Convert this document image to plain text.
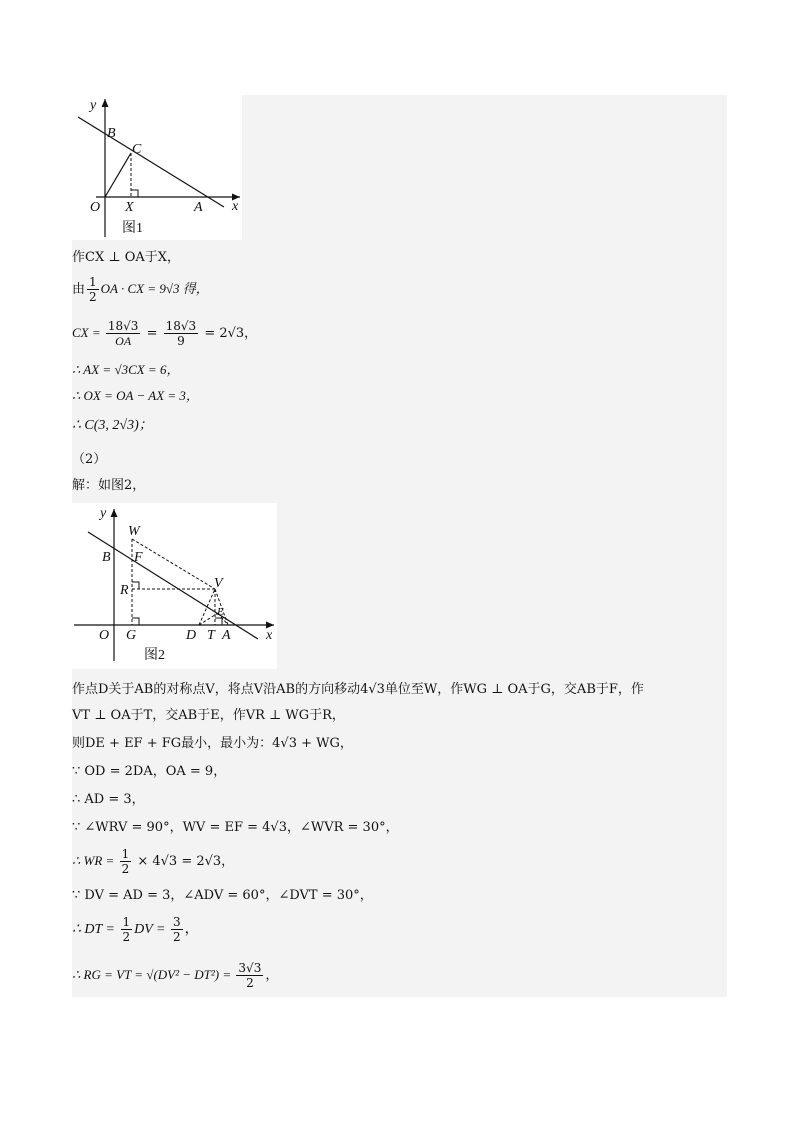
y
x
O
B
C
X	A
图1
作CX ⊥ OA于X，
由 $\frac{1}{2}$ OA · CX = 9√3 得，
CX = $\frac{18√3}{OA} = \frac{18√3}{9} = 2√3$，
∴ AX = √3CX = 6，
∴ OX = OA − AX = 3，
∴ C(3, 2√3)；
（2）
解：如图2，
y
x
O G
W
B F
R	V
E
D T A
图2
作点D关于AB的对称点V，将点V沿AB的方向移动4√3单位至W，作WG ⊥ OA于G，交AB于F，作
VT ⊥ OA于T，交AB于E，作VR ⊥ WG于R，
则DE + EF + FG最小，最小为：4√3 + WG，
∵ OD = 2DA，OA = 9，
∴ AD = 3，
∵ ∠WRV = 90°，WV = EF = 4√3，∠WVR = 30°，
∴ WR = $\frac{1}{2} \times 4√3 = 2√3$，
∵ DV = AD = 3，∠ADV = 60°，∠DVT = 30°，
∴ DT = $\frac{1}{2}$ DV = $\frac{3}{2}$ ，
∴ RG = VT = $√(DV^2 - DT^2) = \frac{3√3}{2}$ ，
